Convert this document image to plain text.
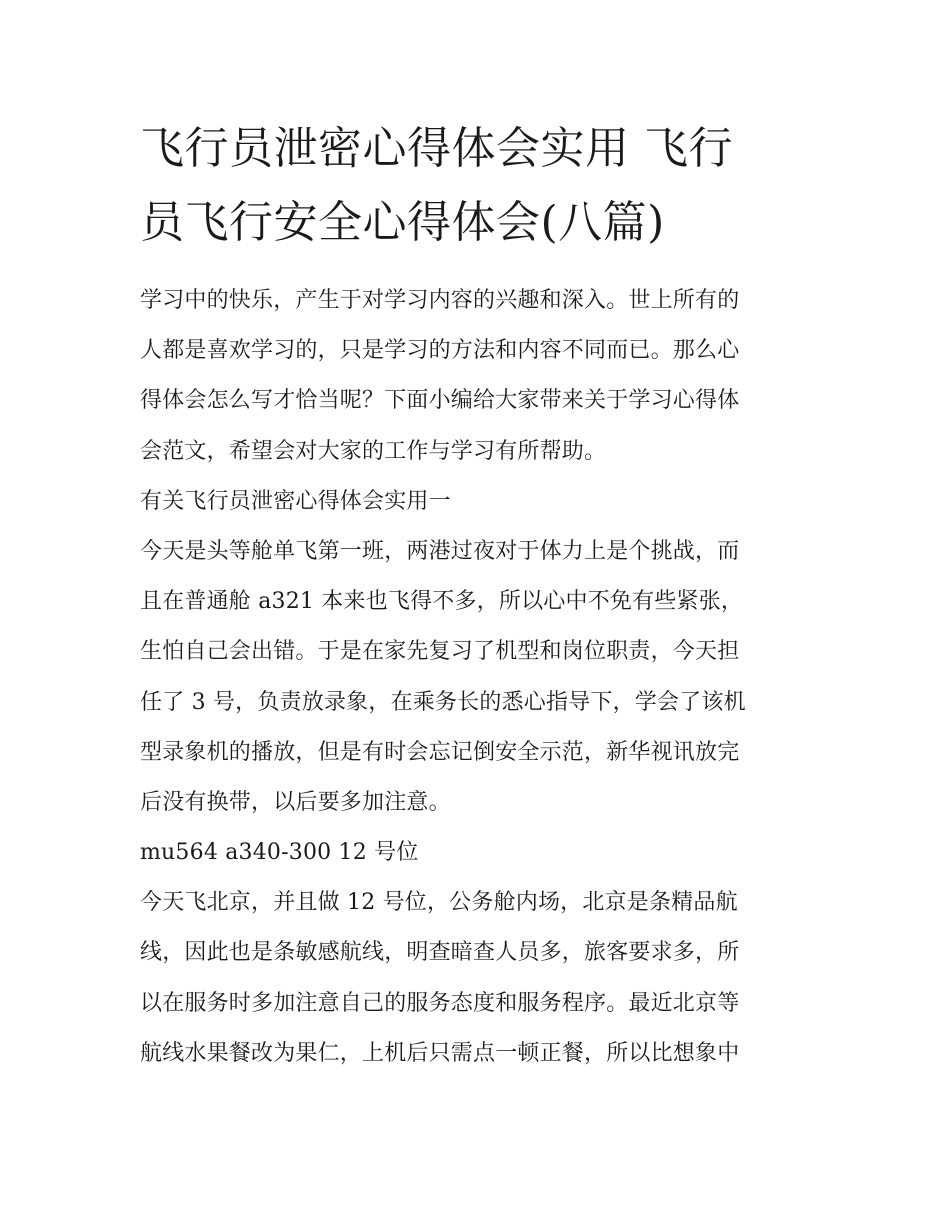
飞行员泄密心得体会实用 飞行
员飞行安全心得体会(八篇)
学习中的快乐，产生于对学习内容的兴趣和深入。世上所有的
人都是喜欢学习的，只是学习的方法和内容不同而已。那么心
得体会怎么写才恰当呢？下面小编给大家带来关于学习心得体
会范文，希望会对大家的工作与学习有所帮助。
有关飞行员泄密心得体会实用一
今天是头等舱单飞第一班，两港过夜对于体力上是个挑战，而
且在普通舱 a321 本来也飞得不多，所以心中不免有些紧张，
生怕自己会出错。于是在家先复习了机型和岗位职责，今天担
任了 3 号，负责放录象，在乘务长的悉心指导下，学会了该机
型录象机的播放，但是有时会忘记倒安全示范，新华视讯放完
后没有换带，以后要多加注意。
mu564 a340-300 12 号位
今天飞北京，并且做 12 号位，公务舱内场，北京是条精品航
线，因此也是条敏感航线，明查暗查人员多，旅客要求多，所
以在服务时多加注意自己的服务态度和服务程序。最近北京等
航线水果餐改为果仁，上机后只需点一顿正餐，所以比想象中
